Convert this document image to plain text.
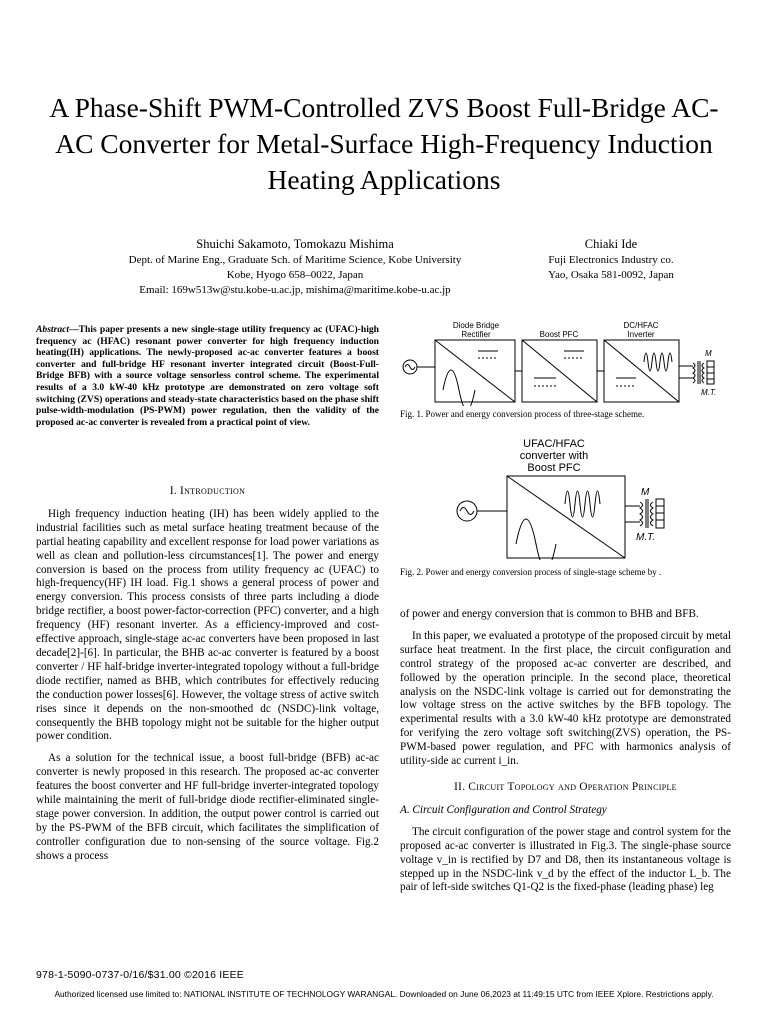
A Phase-Shift PWM-Controlled ZVS Boost Full-Bridge AC-AC Converter for Metal-Surface High-Frequency Induction Heating Applications
Shuichi Sakamoto, Tomokazu Mishima
Dept. of Marine Eng., Graduate Sch. of Maritime Science, Kobe University
Kobe, Hyogo 658–0022, Japan
Email: 169w513w@stu.kobe-u.ac.jp, mishima@maritime.kobe-u.ac.jp
Chiaki Ide
Fuji Electronics Industry co.
Yao, Osaka 581-0092, Japan
Abstract—This paper presents a new single-stage utility frequency ac (UFAC)-high frequency ac (HFAC) resonant power converter for high frequency induction heating(IH) applications. The newly-proposed ac-ac converter features a boost converter and full-bridge HF resonant inverter integrated circuit (Boost-Full-Bridge BFB) with a source voltage sensorless control scheme. The experimental results of a 3.0 kW-40 kHz prototype are demonstrated on zero voltage soft switching (ZVS) operations and steady-state characteristics based on the phase shift pulse-width-modulation (PS-PWM) power regulation, then the validity of the proposed ac-ac converter is revealed from a practical point of view.
I. Introduction

High frequency induction heating (IH) has been widely applied to the industrial facilities such as metal surface heating treatment because of the partial heating capability and excellent response for load power variations as well as clean and pollution-less circumstances[1]. The power and energy conversion is based on the process from utility frequency ac (UFAC) to high-frequency(HF) IH load. Fig.1 shows a general process of power and energy conversion. This process consists of three parts including a diode bridge rectifier, a boost power-factor-correction (PFC) converter, and a high frequency (HF) resonant inverter. As a efficiency-improved and cost-effective approach, single-stage ac-ac converters have been proposed in last decade[2]-[6]. In particular, the BHB ac-ac converter is featured by a boost converter / HF half-bridge inverter-integrated topology without a full-bridge diode rectifier, named as BHB, which contributes for effectively reducing the conduction power losses[6]. However, the voltage stress of active switch rises since it depends on the non-smoothed dc (NSDC)-link voltage, consequently the BHB topology might not be suitable for the higher output power condition.

As a solution for the technical issue, a boost full-bridge (BFB) ac-ac converter is newly proposed in this research. The proposed ac-ac converter features the boost converter and HF full-bridge inverter-integrated topology while maintaining the merit of full-bridge diode rectifier-eliminated single-stage power conversion. In addition, the output power control is carried out by the PS-PWM of the BFB circuit, which facilitates the simplification of controller configuration due to non-sensing of the source voltage. Fig.2 shows a process

Diode Bridge
Rectifier	Boost PFC
DC/HFAC
Inverter
M
M.T.
Fig. 1. Power and energy conversion process of three-stage scheme.
UFAC/HFAC
converter with
Boost PFC
M
M.T.
Fig. 2. Power and energy conversion process of single-stage scheme by .

of power and energy conversion that is common to BHB and BFB.

In this paper, we evaluated a prototype of the proposed circuit by metal surface heat treatment. In the first place, the circuit configuration and control strategy of the proposed ac-ac converter are described, and followed by the operation principle. In the second place, theoretical analysis on the NSDC-link voltage is carried out for demonstrating the low voltage stress on the active switches by the BFB topology. The experimental results with a 3.0 kW-40 kHz prototype are demonstrated for verifying the zero voltage soft switching(ZVS) operation, the PS-PWM-based power regulation, and PFC with harmonics analysis of utility-side ac current i_in.

II. Circuit Topology and Operation Principle
A. Circuit Configuration and Control Strategy

The circuit configuration of the power stage and control system for the proposed ac-ac converter is illustrated in Fig.3. The single-phase source voltage v_in is rectified by D7 and D8, then its instantaneous voltage is stepped up in the NSDC-link v_d by the effect of the inductor L_b. The pair of left-side switches Q1-Q2 is the fixed-phase (leading phase) leg

978-1-5090-0737-0/16/$31.00 ©2016 IEEE
Authorized licensed use limited to: NATIONAL INSTITUTE OF TECHNOLOGY WARANGAL. Downloaded on June 06,2023 at 11:49:15 UTC from IEEE Xplore. Restrictions apply.
